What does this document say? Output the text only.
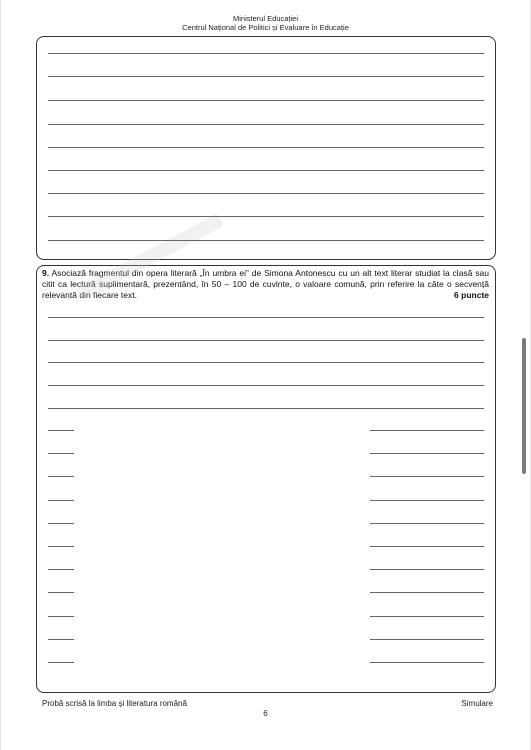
Ministerul Educației
Centrul Național de Politici și Evaluare în Educație
9. Asociază fragmentul din opera literară „În umbra ei” de Simona Antonescu cu un alt text literar studiat la clasă sau citit ca lectură suplimentară, prezentând, în 50 – 100 de cuvinte, o valoare comună, prin referire la câte o secvență relevantă din fiecare text.	6 puncte
Probă scrisă la limba și literatura română	Simulare
6
